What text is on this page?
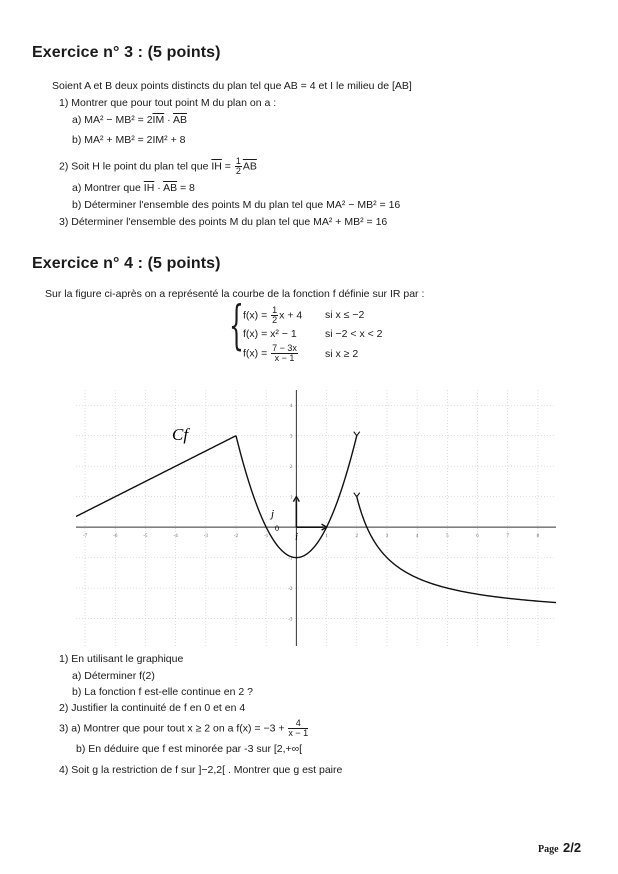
Exercice n° 3 : (5 points)
Soient A et B deux points distincts du plan tel que AB = 4 et I le milieu de [AB]
1) Montrer que pour tout point M du plan on a :
a) $MA^2 - MB^2 = 2\overline{IM} \cdot \overline{AB}$
b) MA² + MB² = 2IM² + 8
2) Soit H le point du plan tel que $\overline{IH} = \frac{1}{2} \overline{AB}$
a) Montrer que $\overline{IH} \cdot \overline{AB} = 8$
b) Déterminer l'ensemble des points M du plan tel que MA² − MB² = 16
3) Déterminer l'ensemble des points M du plan tel que MA² + MB² = 16
Exercice n° 4 : (5 points)
Sur la figure ci-après on a représenté la courbe de la fonction f définie sur IR par :
{ $f(x) = \frac{1}{2}$ x + 4 si x ≤ −2
f(x) = x² − 1	si −2 < x < 2
$f(x) = \frac{7 - 3x}{x - 1}$	si x ≥ 2
-7	-6	-5	-4	-3	-2	-1	1	2	3	4	5	6	7	8
-3
-2
-1
1
2
3
4
Cf
j
i
0
1) En utilisant le graphique
a) Déterminer f(2)
b) La fonction f est-elle continue en 2 ?
2) Justifier la continuité de f en 0 et en 4
3) a) Montrer que pour tout x ≥ 2 on a $f(x) = -3 + \frac{4}{x - 1}$
b) En déduire que f est minorée par -3 sur [2,+∞[
4) Soit g la restriction de f sur ]−2,2[ . Montrer que g est paire
Page 2/2
